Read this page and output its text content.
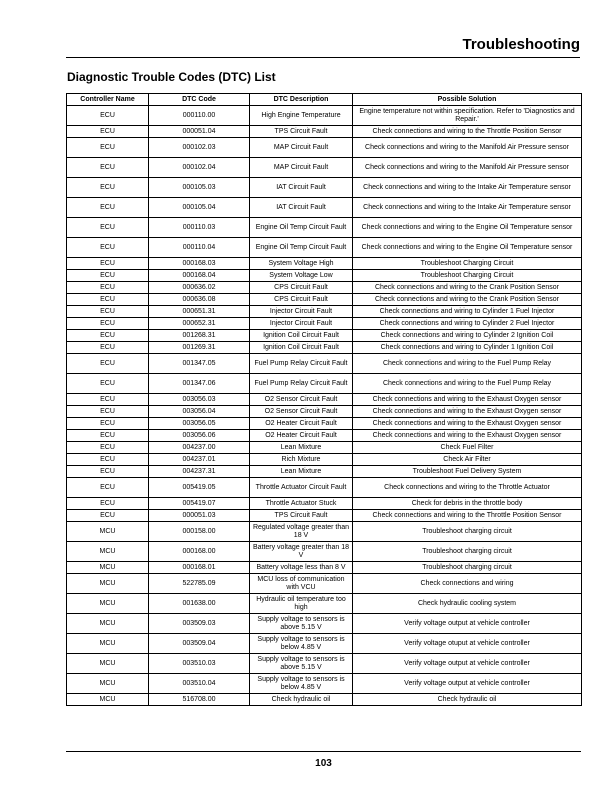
Troubleshooting
Diagnostic Trouble Codes (DTC) List
Controller Name	DTC Code	DTC Description	Possible Solution
ECU	000110.00	High Engine Temperature	Engine temperature not within specification. Refer to 'Diagnostics and Repair.'
ECU	000051.04	TPS Circuit Fault	Check connections and wiring to the Throttle Position Sensor
ECU	000102.03	MAP Circuit Fault	Check connections and wiring to the Manifold Air Pressure sensor
ECU	000102.04	MAP Circuit Fault	Check connections and wiring to the Manifold Air Pressure sensor
ECU	000105.03	IAT Circuit Fault	Check connections and wiring to the Intake Air Temperature sensor
ECU	000105.04	IAT Circuit Fault	Check connections and wiring to the Intake Air Temperature sensor
ECU	000110.03	Engine Oil Temp Circuit Fault	Check connections and wiring to the Engine Oil Temperature sensor
ECU	000110.04	Engine Oil Temp Circuit Fault	Check connections and wiring to the Engine Oil Temperature sensor
ECU	000168.03	System Voltage High	Troubleshoot Charging Circuit
ECU	000168.04	System Voltage Low	Troubleshoot Charging Circuit
ECU	000636.02	CPS Circuit Fault	Check connections and wiring to the Crank Position Sensor
ECU	000636.08	CPS Circuit Fault	Check connections and wiring to the Crank Position Sensor
ECU	000651.31	Injector Circuit Fault	Check connections and wiring to Cylinder 1 Fuel Injector
ECU	000652.31	Injector Circuit Fault	Check connections and wiring to Cylinder 2 Fuel Injector
ECU	001268.31	Ignition Coil Circuit Fault	Check connections and wiring to Cylinder 2 Ignition Coil
ECU	001269.31	Ignition Coil Circuit Fault	Check connections and wiring to Cylinder 1 Ignition Coil
ECU	001347.05	Fuel Pump Relay Circuit Fault	Check connections and wiring to the Fuel Pump Relay
ECU	001347.06	Fuel Pump Relay Circuit Fault	Check connections and wiring to the Fuel Pump Relay
ECU	003056.03	O2 Sensor Circuit Fault	Check connections and wiring to the Exhaust Oxygen sensor
ECU	003056.04	O2 Sensor Circuit Fault	Check connections and wiring to the Exhaust Oxygen sensor
ECU	003056.05	O2 Heater Circuit Fault	Check connections and wiring to the Exhaust Oxygen sensor
ECU	003056.06	O2 Heater Circuit Fault	Check connections and wiring to the Exhaust Oxygen sensor
ECU	004237.00	Lean Mixture	Check Fuel Filter
ECU	004237.01	Rich Mixture	Check Air Filter
ECU	004237.31	Lean Mixture	Troubleshoot Fuel Delivery System
ECU	005419.05	Throttle Actuator Circuit Fault	Check connections and wiring to the Throttle Actuator
ECU	005419.07	Throttle Actuator Stuck	Check for debris in the throttle body
ECU	000051.03	TPS Circuit Fault	Check connections and wiring to the Throttle Position Sensor
MCU	000158.00	Regulated voltage greater than 18 V	Troubleshoot charging circuit
MCU	000168.00	Battery voltage greater than 18 V	Troubleshoot charging circuit
MCU	000168.01	Battery voltage less than 8 V	Troubleshoot charging circuit
MCU	522785.09	MCU loss of communication with VCU	Check connections and wiring
MCU	001638.00	Hydraulic oil temperature too high	Check hydraulic cooling system
MCU	003509.03	Supply voltage to sensors is above 5.15 V	Verify voltage output at vehicle controller
MCU	003509.04	Supply voltage to sensors is below 4.85 V	Verify voltage otuput at vehicle controller
MCU	003510.03	Supply voltage to sensors is above 5.15 V	Verify voltage output at vehicle controller
MCU	003510.04	Supply voltage to sensors is below 4.85 V	Verify voltage output at vehicle controller
MCU	516708.00	Check hydraulic oil	Check hydraulic oil
103
